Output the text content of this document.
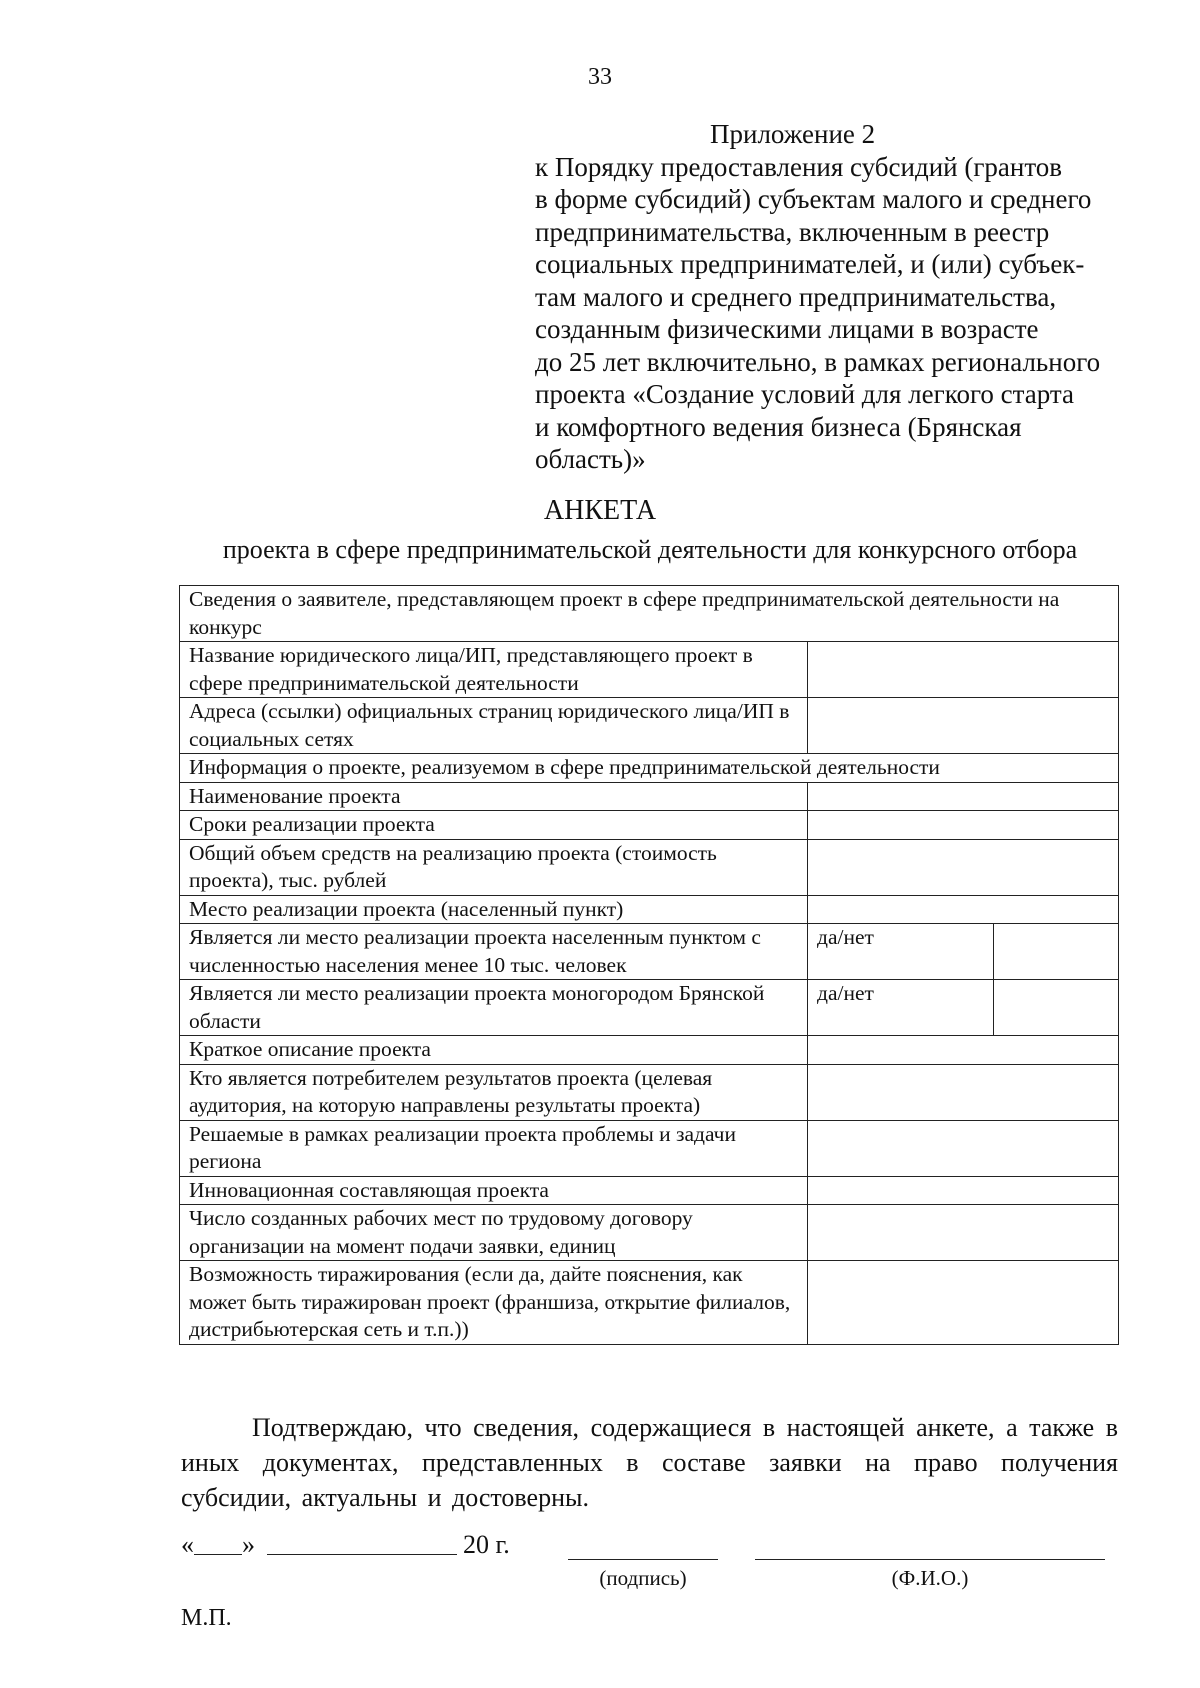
33
Приложение 2
к Порядку предоставления субсидий (грантов
в форме субсидий) субъектам малого и среднего
предпринимательства, включенным в реестр
социальных предпринимателей, и (или) субъек-
там малого и среднего предпринимательства,
созданным физическими лицами в возрасте
до 25 лет включительно, в рамках регионального
проекта «Создание условий для легкого старта
и комфортного ведения бизнеса (Брянская
область)»
АНКЕТА
проекта в сфере предпринимательской деятельности для конкурсного отбора
Сведения о заявителе, представляющем проект в сфере предпринимательской деятельности на конкурс		
Название юридического лица/ИП, представляющего проект в сфере предпринимательской деятельности		
Адреса (ссылки) официальных страниц юридического лица/ИП в социальных сетях		
Информация о проекте, реализуемом в сфере предпринимательской деятельности		
Наименование проекта		
Сроки реализации проекта		
Общий объем средств на реализацию проекта (стоимость проекта), тыс. рублей		
Место реализации проекта (населенный пункт)		
Является ли место реализации проекта населенным пунктом с численностью населения менее 10 тыс. человек	да/нет	
Является ли место реализации проекта моногородом Брянской области	да/нет	
Краткое описание проекта		
Кто является потребителем результатов проекта (целевая аудитория, на которую направлены результаты проекта)		
Решаемые в рамках реализации проекта проблемы и задачи региона		
Инновационная составляющая проекта		
Число созданных рабочих мест по трудовому договору организации на момент подачи заявки, единиц		
Возможность тиражирования (если да, дайте пояснения, как может быть тиражирован проект (франшиза, открытие филиалов, дистрибьютерская сеть и т.п.))		
Подтверждаю, что сведения, содержащиеся в настоящей анкете, а также в иных документах, представленных в составе заявки на право получения субсидии, актуальны и достоверны.
« »	20 г.
(подпись)	(Ф.И.О.)
М.П.
